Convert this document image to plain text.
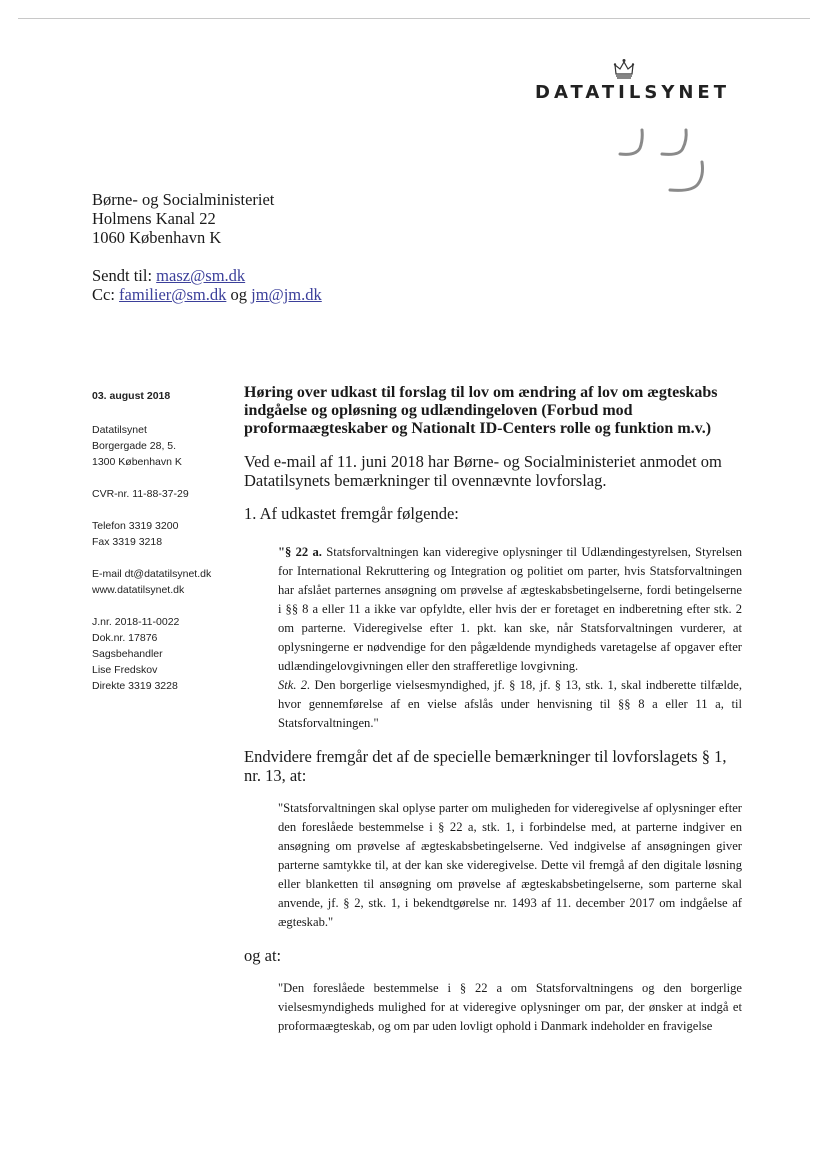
DATATILSYNET
Børne- og Socialministeriet
Holmens Kanal 22
1060 København K
Sendt til: masz@sm.dk
Cc: familier@sm.dk og jm@jm.dk
03. august 2018
Datatilsynet
Borgergade 28, 5.
1300 København K
CVR-nr. 11-88-37-29
Telefon 3319 3200
Fax 3319 3218
E-mail dt@datatilsynet.dk
www.datatilsynet.dk
J.nr. 2018-11-0022
Dok.nr. 17876
Sagsbehandler
Lise Fredskov
Direkte 3319 3228
Høring over udkast til forslag til lov om ændring af lov om ægteskabs indgåelse og opløsning og udlændingeloven (Forbud mod proformaægteskaber og Nationalt ID-Centers rolle og funktion m.v.)
Ved e-mail af 11. juni 2018 har Børne- og Socialministeriet anmodet om Datatilsynets bemærkninger til ovennævnte lovforslag.
1. Af udkastet fremgår følgende:
"§ 22 a. Statsforvaltningen kan videregive oplysninger til Udlændingestyrelsen, Styrelsen for International Rekruttering og Integration og politiet om parter, hvis Statsforvaltningen har afslået parternes ansøgning om prøvelse af ægteskabsbetingelserne, fordi betingelserne i §§ 8 a eller 11 a ikke var opfyldte, eller hvis der er foretaget en indberetning efter stk. 2 om parterne. Videregivelse efter 1. pkt. kan ske, når Statsforvaltningen vurderer, at oplysningerne er nødvendige for den pågældende myndigheds varetagelse af opgaver efter udlændingelovgivningen eller den strafferetlige lovgivning.
Stk. 2. Den borgerlige vielsesmyndighed, jf. § 18, jf. § 13, stk. 1, skal indberette tilfælde, hvor gennemførelse af en vielse afslås under henvisning til §§ 8 a eller 11 a, til Statsforvaltningen."
Endvidere fremgår det af de specielle bemærkninger til lovforslagets § 1, nr. 13, at:
"Statsforvaltningen skal oplyse parter om muligheden for videregivelse af oplysninger efter den foreslåede bestemmelse i § 22 a, stk. 1, i forbindelse med, at parterne indgiver en ansøgning om prøvelse af ægteskabsbetingelserne. Ved indgivelse af ansøgningen giver parterne samtykke til, at der kan ske videregivelse. Dette vil fremgå af den digitale løsning eller blanketten til ansøgning om prøvelse af ægteskabsbetingelserne, som parterne skal anvende, jf. § 2, stk. 1, i bekendtgørelse nr. 1493 af 11. december 2017 om indgåelse af ægteskab."
og at:
"Den foreslåede bestemmelse i § 22 a om Statsforvaltningens og den borgerlige vielsesmyndigheds mulighed for at videregive oplysninger om par, der ønsker at indgå et proformaægteskab, og om par uden lovligt ophold i Danmark indeholder en fravigelse
